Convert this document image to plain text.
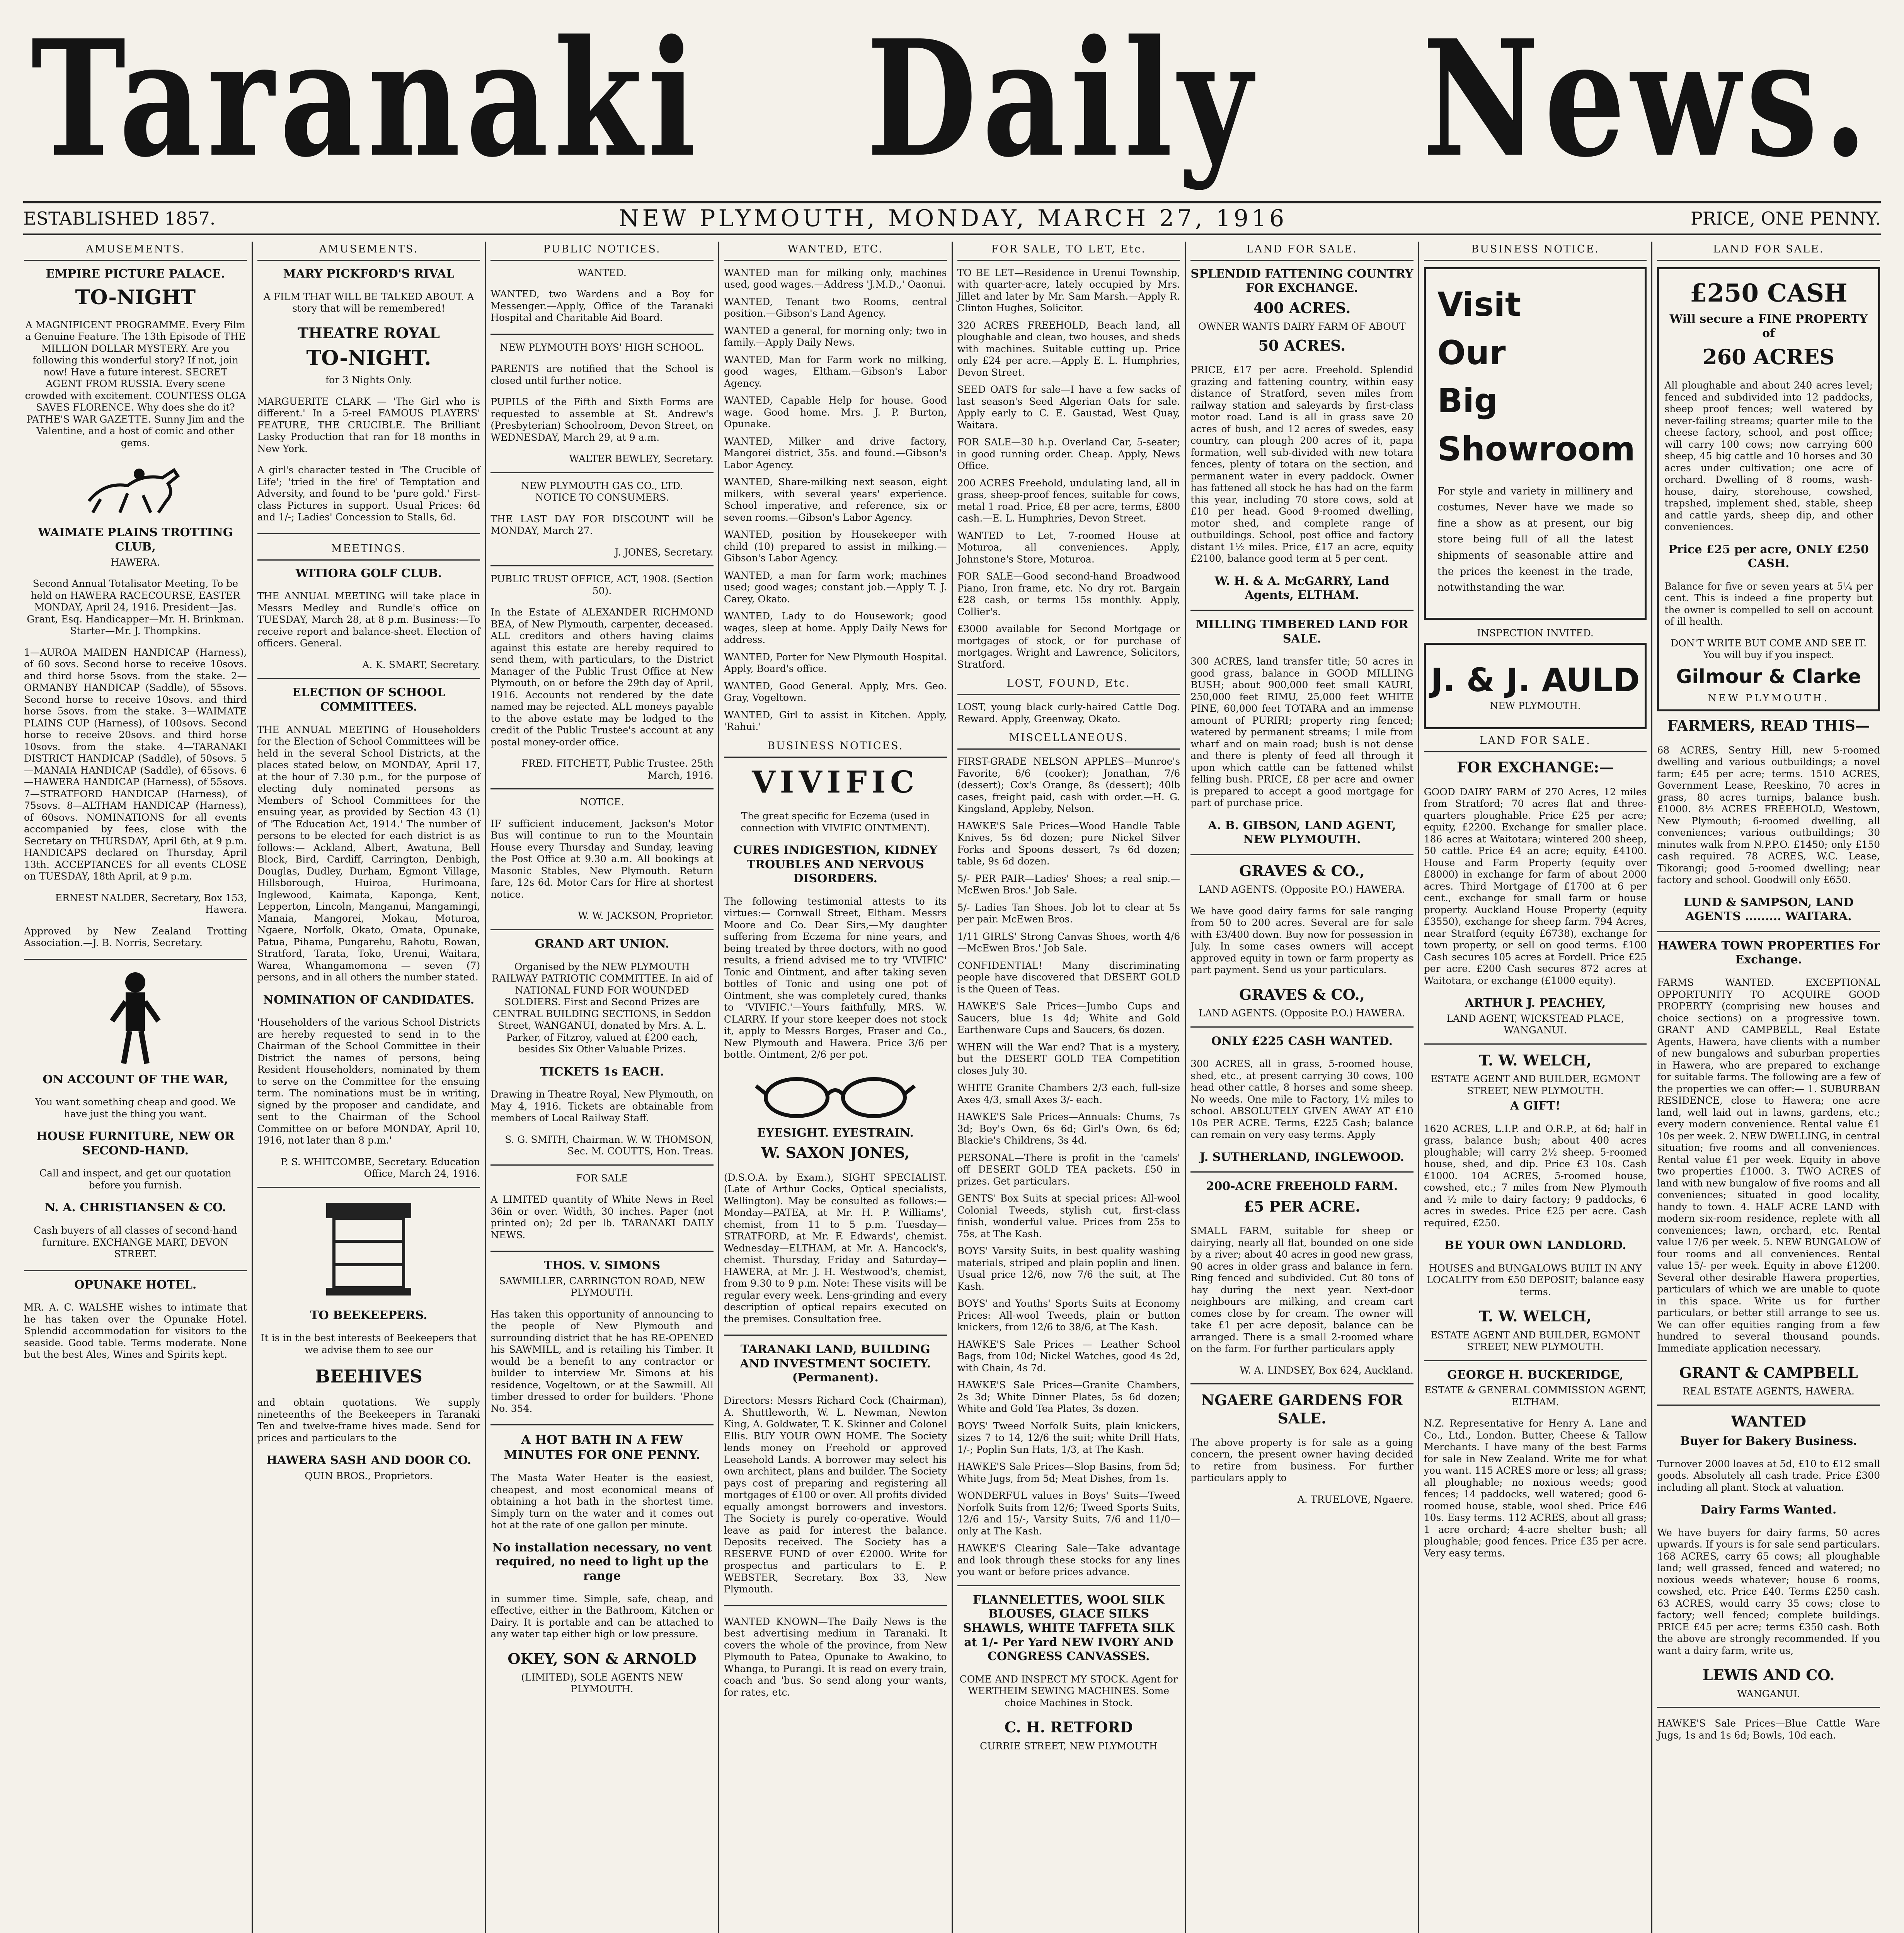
Taranaki Daily News.
ESTABLISHED 1857.	NEW PLYMOUTH, MONDAY, MARCH 27, 1916	PRICE, ONE PENNY.
AMUSEMENTS.
EMPIRE PICTURE PALACE.
TO-NIGHT

A MAGNIFICENT PROGRAMME. Every Film a Genuine Feature. The 13th Episode of THE MILLION DOLLAR MYSTERY. Are you following this wonderful story? If not, join now! Have a future interest. SECRET AGENT FROM RUSSIA. Every scene crowded with excitement. COUNTESS OLGA SAVES FLORENCE. Why does she do it? PATHE'S WAR GAZETTE. Sunny Jim and the Valentine, and a host of comic and other gems.

WAIMATE PLAINS TROTTING CLUB,
HAWERA.

Second Annual Totalisator Meeting, To be held on HAWERA RACECOURSE, EASTER MONDAY, April 24, 1916. President—Jas. Grant, Esq. Handicapper—Mr. H. Brinkman. Starter—Mr. J. Thompkins.

1—AUROA MAIDEN HANDICAP (Harness), of 60 sovs. Second horse to receive 10sovs. and third horse 5sovs. from the stake. 2—ORMANBY HANDICAP (Saddle), of 55sovs. Second horse to receive 10sovs. and third horse 5sovs. from the stake. 3—WAIMATE PLAINS CUP (Harness), of 100sovs. Second horse to receive 20sovs. and third horse 10sovs. from the stake. 4—TARANAKI DISTRICT HANDICAP (Saddle), of 50sovs. 5—MANAIA HANDICAP (Saddle), of 65sovs. 6—HAWERA HANDICAP (Harness), of 55sovs. 7—STRATFORD HANDICAP (Harness), of 75sovs. 8—ALTHAM HANDICAP (Harness), of 60sovs. NOMINATIONS for all events accompanied by fees, close with the Secretary on THURSDAY, April 6th, at 9 p.m. HANDICAPS declared on Thursday, April 13th. ACCEPTANCES for all events CLOSE on TUESDAY, 18th April, at 9 p.m.

ERNEST NALDER, Secretary, Box 153, Hawera.

Approved by New Zealand Trotting Association.—J. B. Norris, Secretary.

ON ACCOUNT OF THE WAR,

You want something cheap and good. We have just the thing you want.

HOUSE FURNITURE, NEW OR SECOND-HAND.

Call and inspect, and get our quotation before you furnish.

N. A. CHRISTIANSEN & CO.

Cash buyers of all classes of second-hand furniture. EXCHANGE MART, DEVON STREET.

OPUNAKE HOTEL.

MR. A. C. WALSHE wishes to intimate that he has taken over the Opunake Hotel. Splendid accommodation for visitors to the seaside. Good table. Terms moderate. None but the best Ales, Wines and Spirits kept.

AMUSEMENTS.
MARY PICKFORD'S RIVAL

A FILM THAT WILL BE TALKED ABOUT. A story that will be remembered!

THEATRE ROYAL
TO-NIGHT.
for 3 Nights Only.

MARGUERITE CLARK — 'The Girl who is different.' In a 5-reel FAMOUS PLAYERS' FEATURE, THE CRUCIBLE. The Brilliant Lasky Production that ran for 18 months in New York.

A girl's character tested in 'The Crucible of Life'; 'tried in the fire' of Temptation and Adversity, and found to be 'pure gold.' First-class Pictures in support. Usual Prices: 6d and 1/-; Ladies' Concession to Stalls, 6d.

MEETINGS.
WITIORA GOLF CLUB.

THE ANNUAL MEETING will take place in Messrs Medley and Rundle's office on TUESDAY, March 28, at 8 p.m. Business:—To receive report and balance-sheet. Election of officers. General.

A. K. SMART, Secretary.
ELECTION OF SCHOOL COMMITTEES.

THE ANNUAL MEETING of Householders for the Election of School Committees will be held in the several School Districts, at the places stated below, on MONDAY, April 17, at the hour of 7.30 p.m., for the purpose of electing duly nominated persons as Members of School Committees for the ensuing year, as provided by Section 43 (1) of 'The Education Act, 1914.' The number of persons to be elected for each district is as follows:— Ackland, Albert, Awatuna, Bell Block, Bird, Cardiff, Carrington, Denbigh, Douglas, Dudley, Durham, Egmont Village, Hillsborough, Huiroa, Hurimoana, Inglewood, Kaimata, Kaponga, Kent, Lepperton, Lincoln, Manganui, Mangamingi, Manaia, Mangorei, Mokau, Moturoa, Ngaere, Norfolk, Okato, Omata, Opunake, Patua, Pihama, Pungarehu, Rahotu, Rowan, Stratford, Tarata, Toko, Urenui, Waitara, Warea, Whangamomona — seven (7) persons, and in all others the number stated.

NOMINATION OF CANDIDATES.

'Householders of the various School Districts are hereby requested to send in to the Chairman of the School Committee in their District the names of persons, being Resident Householders, nominated by them to serve on the Committee for the ensuing term. The nominations must be in writing, signed by the proposer and candidate, and sent to the Chairman of the School Committee on or before MONDAY, April 10, 1916, not later than 8 p.m.'

P. S. WHITCOMBE, Secretary. Education Office, March 24, 1916.
TO BEEKEEPERS.

It is in the best interests of Beekeepers that we advise them to see our

BEEHIVES

and obtain quotations. We supply nineteenths of the Beekeepers in Taranaki Ten and twelve-frame hives made. Send for prices and particulars to the

HAWERA SASH AND DOOR CO.
QUIN BROS., Proprietors.
PUBLIC NOTICES.
WANTED.

WANTED, two Wardens and a Boy for Messenger.—Apply, Office of the Taranaki Hospital and Charitable Aid Board.

NEW PLYMOUTH BOYS' HIGH SCHOOL.

PARENTS are notified that the School is closed until further notice.

PUPILS of the Fifth and Sixth Forms are requested to assemble at St. Andrew's (Presbyterian) Schoolroom, Devon Street, on WEDNESDAY, March 29, at 9 a.m.

WALTER BEWLEY, Secretary.
NEW PLYMOUTH GAS CO., LTD.
NOTICE TO CONSUMERS.

THE LAST DAY FOR DISCOUNT will be MONDAY, March 27.

J. JONES, Secretary.
PUBLIC TRUST OFFICE, ACT, 1908. (Section 50).

In the Estate of ALEXANDER RICHMOND BEA, of New Plymouth, carpenter, deceased. ALL creditors and others having claims against this estate are hereby required to send them, with particulars, to the District Manager of the Public Trust Office at New Plymouth, on or before the 29th day of April, 1916. Accounts not rendered by the date named may be rejected. ALL moneys payable to the above estate may be lodged to the credit of the Public Trustee's account at any postal money-order office.

FRED. FITCHETT, Public Trustee. 25th March, 1916.
NOTICE.

IF sufficient inducement, Jackson's Motor Bus will continue to run to the Mountain House every Thursday and Sunday, leaving the Post Office at 9.30 a.m. All bookings at Masonic Stables, New Plymouth. Return fare, 12s 6d. Motor Cars for Hire at shortest notice.

W. W. JACKSON, Proprietor.
GRAND ART UNION.

Organised by the NEW PLYMOUTH RAILWAY PATRIOTIC COMMITTEE. In aid of NATIONAL FUND FOR WOUNDED SOLDIERS. First and Second Prizes are CENTRAL BUILDING SECTIONS, in Seddon Street, WANGANUI, donated by Mrs. A. L. Parker, of Fitzroy, valued at £200 each, besides Six Other Valuable Prizes.

TICKETS 1s EACH.

Drawing in Theatre Royal, New Plymouth, on May 4, 1916. Tickets are obtainable from members of Local Railway Staff.

S. G. SMITH, Chairman. W. W. THOMSON, Sec. M. COUTTS, Hon. Treas.
FOR SALE

A LIMITED quantity of White News in Reel 36in or over. Width, 30 inches. Paper (not printed on); 2d per lb. TARANAKI DAILY NEWS.

THOS. V. SIMONS
SAWMILLER, CARRINGTON ROAD, NEW PLYMOUTH.

Has taken this opportunity of announcing to the people of New Plymouth and surrounding district that he has RE-OPENED his SAWMILL, and is retailing his Timber. It would be a benefit to any contractor or builder to interview Mr. Simons at his residence, Vogeltown, or at the Sawmill. All timber dressed to order for builders. 'Phone No. 354.

A HOT BATH IN A FEW MINUTES FOR ONE PENNY.

The Masta Water Heater is the easiest, cheapest, and most economical means of obtaining a hot bath in the shortest time. Simply turn on the water and it comes out hot at the rate of one gallon per minute.

No installation necessary, no vent required, no need to light up the range

in summer time. Simple, safe, cheap, and effective, either in the Bathroom, Kitchen or Dairy. It is portable and can be attached to any water tap either high or low pressure.

OKEY, SON & ARNOLD
(LIMITED), SOLE AGENTS NEW PLYMOUTH.
WANTED, ETC.
WANTED man for milking only, machines used, good wages.—Address 'J.M.D.,' Oaonui.
WANTED, Tenant two Rooms, central position.—Gibson's Land Agency.
WANTED a general, for morning only; two in family.—Apply Daily News.
WANTED, Man for Farm work no milking, good wages, Eltham.—Gibson's Labor Agency.
WANTED, Capable Help for house. Good wage. Good home. Mrs. J. P. Burton, Opunake.
WANTED, Milker and drive factory, Mangorei district, 35s. and found.—Gibson's Labor Agency.
WANTED, Share-milking next season, eight milkers, with several years' experience. School imperative, and reference, six or seven rooms.—Gibson's Labor Agency.
WANTED, position by Housekeeper with child (10) prepared to assist in milking.—Gibson's Labor Agency.
WANTED, a man for farm work; machines used; good wages; constant job.—Apply T. J. Carey, Okato.
WANTED, Lady to do Housework; good wages, sleep at home. Apply Daily News for address.
WANTED, Porter for New Plymouth Hospital. Apply, Board's office.
WANTED, Good General. Apply, Mrs. Geo. Gray, Vogeltown.
WANTED, Girl to assist in Kitchen. Apply, 'Rahui.'
BUSINESS NOTICES.
VIVIFIC

The great specific for Eczema (used in connection with VIVIFIC OINTMENT).

CURES INDIGESTION, KIDNEY TROUBLES AND NERVOUS DISORDERS.

The following testimonial attests to its virtues:— Cornwall Street, Eltham. Messrs Moore and Co. Dear Sirs,—My daughter suffering from Eczema for nine years, and being treated by three doctors, with no good results, a friend advised me to try 'VIVIFIC' Tonic and Ointment, and after taking seven bottles of Tonic and using one pot of Ointment, she was completely cured, thanks to 'VIVIFIC.'—Yours faithfully, MRS. W. CLARRY. If your store keeper does not stock it, apply to Messrs Borges, Fraser and Co., New Plymouth and Hawera. Price 3/6 per bottle. Ointment, 2/6 per pot.

EYESIGHT. EYESTRAIN.
W. SAXON JONES,

(D.S.O.A. by Exam.), SIGHT SPECIALIST. (Late of Arthur Cocks, Optical specialists, Wellington). May be consulted as follows:— Monday—PATEA, at Mr. H. P. Williams', chemist, from 11 to 5 p.m. Tuesday—STRATFORD, at Mr. F. Edwards', chemist. Wednesday—ELTHAM, at Mr. A. Hancock's, chemist. Thursday, Friday and Saturday—HAWERA, at Mr. J. H. Westwood's, chemist, from 9.30 to 9 p.m. Note: These visits will be regular every week. Lens-grinding and every description of optical repairs executed on the premises. Consultation free.

TARANAKI LAND, BUILDING AND INVESTMENT SOCIETY. (Permanent).

Directors: Messrs Richard Cock (Chairman), A. Shuttleworth, W. L. Newman, Newton King, A. Goldwater, T. K. Skinner and Colonel Ellis. BUY YOUR OWN HOME. The Society lends money on Freehold or approved Leasehold Lands. A borrower may select his own architect, plans and builder. The Society pays cost of preparing and registering all mortgages of £100 or over. All profits divided equally amongst borrowers and investors. The Society is purely co-operative. Would leave as paid for interest the balance. Deposits received. The Society has a RESERVE FUND of over £2000. Write for prospectus and particulars to E. P. WEBSTER, Secretary. Box 33, New Plymouth.

WANTED KNOWN—The Daily News is the best advertising medium in Taranaki. It covers the whole of the province, from New Plymouth to Patea, Opunake to Awakino, to Whanga, to Purangi. It is read on every train, coach and 'bus. So send along your wants, for rates, etc.

FOR SALE, TO LET, Etc.
TO BE LET—Residence in Urenui Township, with quarter-acre, lately occupied by Mrs. Jillet and later by Mr. Sam Marsh.—Apply R. Clinton Hughes, Solicitor.
320 ACRES FREEHOLD, Beach land, all ploughable and clean, two houses, and sheds with machines. Suitable cutting up. Price only £24 per acre.—Apply E. L. Humphries, Devon Street.
SEED OATS for sale—I have a few sacks of last season's Seed Algerian Oats for sale. Apply early to C. E. Gaustad, West Quay, Waitara.
FOR SALE—30 h.p. Overland Car, 5-seater; in good running order. Cheap. Apply, News Office.
200 ACRES Freehold, undulating land, all in grass, sheep-proof fences, suitable for cows, metal 1 road. Price, £8 per acre, terms, £800 cash.—E. L. Humphries, Devon Street.
WANTED to Let, 7-roomed House at Moturoa, all conveniences. Apply, Johnstone's Store, Moturoa.
FOR SALE—Good second-hand Broadwood Piano, Iron frame, etc. No dry rot. Bargain £28 cash, or terms 15s monthly. Apply, Collier's.
£3000 available for Second Mortgage or mortgages of stock, or for purchase of mortgages. Wright and Lawrence, Solicitors, Stratford.
LOST, FOUND, Etc.
LOST, young black curly-haired Cattle Dog. Reward. Apply, Greenway, Okato.
MISCELLANEOUS.
FIRST-GRADE NELSON APPLES—Munroe's Favorite, 6/6 (cooker); Jonathan, 7/6 (dessert); Cox's Orange, 8s (dessert); 40lb cases, freight paid, cash with order.—H. G. Kingsland, Appleby, Nelson.
HAWKE'S Sale Prices—Wood Handle Table Knives, 5s 6d dozen; pure Nickel Silver Forks and Spoons dessert, 7s 6d dozen; table, 9s 6d dozen.
5/- PER PAIR—Ladies' Shoes; a real snip.—McEwen Bros.' Job Sale.
5/- Ladies Tan Shoes. Job lot to clear at 5s per pair. McEwen Bros.
1/11 GIRLS' Strong Canvas Shoes, worth 4/6—McEwen Bros.' Job Sale.
CONFIDENTIAL! Many discriminating people have discovered that DESERT GOLD is the Queen of Teas.
HAWKE'S Sale Prices—Jumbo Cups and Saucers, blue 1s 4d; White and Gold Earthenware Cups and Saucers, 6s dozen.
WHEN will the War end? That is a mystery, but the DESERT GOLD TEA Competition closes July 30.
WHITE Granite Chambers 2/3 each, full-size Axes 4/3, small Axes 3/- each.
HAWKE'S Sale Prices—Annuals: Chums, 7s 3d; Boy's Own, 6s 6d; Girl's Own, 6s 6d; Blackie's Childrens, 3s 4d.
PERSONAL—There is profit in the 'camels' off DESERT GOLD TEA packets. £50 in prizes. Get particulars.
GENTS' Box Suits at special prices: All-wool Colonial Tweeds, stylish cut, first-class finish, wonderful value. Prices from 25s to 75s, at The Kash.
BOYS' Varsity Suits, in best quality washing materials, striped and plain poplin and linen. Usual price 12/6, now 7/6 the suit, at The Kash.
BOYS' and Youths' Sports Suits at Economy Prices: All-wool Tweeds, plain or button knickers, from 12/6 to 38/6, at The Kash.
HAWKE'S Sale Prices — Leather School Bags, from 10d; Nickel Watches, good 4s 2d, with Chain, 4s 7d.
HAWKE'S Sale Prices—Granite Chambers, 2s 3d; White Dinner Plates, 5s 6d dozen; White and Gold Tea Plates, 3s dozen.
BOYS' Tweed Norfolk Suits, plain knickers, sizes 7 to 14, 12/6 the suit; white Drill Hats, 1/-; Poplin Sun Hats, 1/3, at The Kash.
HAWKE'S Sale Prices—Slop Basins, from 5d; White Jugs, from 5d; Meat Dishes, from 1s.
WONDERFUL values in Boys' Suits—Tweed Norfolk Suits from 12/6; Tweed Sports Suits, 12/6 and 15/-, Varsity Suits, 7/6 and 11/0—only at The Kash.
HAWKE'S Clearing Sale—Take advantage and look through these stocks for any lines you want or before prices advance.
FLANNELETTES, WOOL SILK BLOUSES, GLACE SILKS SHAWLS, WHITE TAFFETA SILK at 1/- Per Yard NEW IVORY AND CONGRESS CANVASSES.

COME AND INSPECT MY STOCK. Agent for WERTHEIM SEWING MACHINES. Some choice Machines in Stock.

C. H. RETFORD
CURRIE STREET, NEW PLYMOUTH
LAND FOR SALE.
SPLENDID FATTENING COUNTRY FOR EXCHANGE.
400 ACRES.
OWNER WANTS DAIRY FARM OF ABOUT
50 ACRES.

PRICE, £17 per acre. Freehold. Splendid grazing and fattening country, within easy distance of Stratford, seven miles from railway station and saleyards by first-class motor road. Land is all in grass save 20 acres of bush, and 12 acres of swedes, easy country, can plough 200 acres of it, papa formation, well sub-divided with new totara fences, plenty of totara on the section, and permanent water in every paddock. Owner has fattened all stock he has had on the farm this year, including 70 store cows, sold at £10 per head. Good 9-roomed dwelling, motor shed, and complete range of outbuildings. School, post office and factory distant 1½ miles. Price, £17 an acre, equity £2100, balance good term at 5 per cent.

W. H. & A. McGARRY, Land Agents, ELTHAM.
MILLING TIMBERED LAND FOR SALE.

300 ACRES, land transfer title; 50 acres in good grass, balance in GOOD MILLING BUSH; about 900,000 feet small KAURI, 250,000 feet RIMU, 25,000 feet WHITE PINE, 60,000 feet TOTARA and an immense amount of PURIRI; property ring fenced; watered by permanent streams; 1 mile from wharf and on main road; bush is not dense and there is plenty of feed all through it upon which cattle can be fattened whilst felling bush. PRICE, £8 per acre and owner is prepared to accept a good mortgage for part of purchase price.

A. B. GIBSON, LAND AGENT, NEW PLYMOUTH.
GRAVES & CO.,
LAND AGENTS. (Opposite P.O.) HAWERA.

We have good dairy farms for sale ranging from 50 to 200 acres. Several are for sale with £3/400 down. Buy now for possession in July. In some cases owners will accept approved equity in town or farm property as part payment. Send us your particulars.

GRAVES & CO.,
LAND AGENTS. (Opposite P.O.) HAWERA.
ONLY £225 CASH WANTED.

300 ACRES, all in grass, 5-roomed house, shed, etc., at present carrying 30 cows, 100 head other cattle, 8 horses and some sheep. No weeds. One mile to Factory, 1½ miles to school. ABSOLUTELY GIVEN AWAY AT £10 10s PER ACRE. Terms, £225 Cash; balance can remain on very easy terms. Apply

J. SUTHERLAND, INGLEWOOD.
200-ACRE FREEHOLD FARM.
£5 PER ACRE.

SMALL FARM, suitable for sheep or dairying, nearly all flat, bounded on one side by a river; about 40 acres in good new grass, 90 acres in older grass and balance in fern. Ring fenced and subdivided. Cut 80 tons of hay during the next year. Next-door neighbours are milking, and cream cart comes close by for cream. The owner will take £1 per acre deposit, balance can be arranged. There is a small 2-roomed whare on the farm. For further particulars apply

W. A. LINDSEY, Box 624, Auckland.
NGAERE GARDENS FOR SALE.

The above property is for sale as a going concern, the present owner having decided to retire from business. For further particulars apply to

A. TRUELOVE, Ngaere.
BUSINESS NOTICE.
Visit
Our
Big
Showroom

For style and variety in millinery and costumes, Never have we made so fine a show as at present, our big store being full of all the latest shipments of seasonable attire and the prices the keenest in the trade, notwithstanding the war.

INSPECTION INVITED.
J. & J. AULD
NEW PLYMOUTH.
LAND FOR SALE.
FOR EXCHANGE:—

GOOD DAIRY FARM of 270 Acres, 12 miles from Stratford; 70 acres flat and three-quarters ploughable. Price £25 per acre; equity, £2200. Exchange for smaller place. 186 acres at Waitotara; wintered 200 sheep, 50 cattle. Price £4 an acre; equity, £4100. House and Farm Property (equity over £8000) in exchange for farm of about 2000 acres. Third Mortgage of £1700 at 6 per cent., exchange for small farm or house property. Auckland House Property (equity £3550), exchange for sheep farm. 794 Acres, near Stratford (equity £6738), exchange for town property, or sell on good terms. £100 Cash secures 105 acres at Fordell. Price £25 per acre. £200 Cash secures 872 acres at Waitotara, or exchange (£1000 equity).

ARTHUR J. PEACHEY,
LAND AGENT, WICKSTEAD PLACE, WANGANUI.
T. W. WELCH,
ESTATE AGENT AND BUILDER, EGMONT STREET, NEW PLYMOUTH.
A GIFT!

1620 ACRES, L.I.P. and O.R.P., at 6d; half in grass, balance bush; about 400 acres ploughable; will carry 2½ sheep. 5-roomed house, shed, and dip. Price £3 10s. Cash £1000. 104 ACRES, 5-roomed house, cowshed, etc.; 7 miles from New Plymouth and ½ mile to dairy factory; 9 paddocks, 6 acres in swedes. Price £25 per acre. Cash required, £250.

BE YOUR OWN LANDLORD.

HOUSES and BUNGALOWS BUILT IN ANY LOCALITY from £50 DEPOSIT; balance easy terms.

T. W. WELCH,
ESTATE AGENT AND BUILDER, EGMONT STREET, NEW PLYMOUTH.
GEORGE H. BUCKERIDGE,
ESTATE & GENERAL COMMISSION AGENT, ELTHAM.

N.Z. Representative for Henry A. Lane and Co., Ltd., London. Butter, Cheese & Tallow Merchants. I have many of the best Farms for sale in New Zealand. Write me for what you want. 115 ACRES more or less; all grass; all ploughable; no noxious weeds; good fences; 14 paddocks, well watered; good 6-roomed house, stable, wool shed. Price £46 10s. Easy terms. 112 ACRES, about all grass; 1 acre orchard; 4-acre shelter bush; all ploughable; good fences. Price £35 per acre. Very easy terms.

LAND FOR SALE.
£250 CASH
Will secure a FINE PROPERTY of
260 ACRES

All ploughable and about 240 acres level; fenced and subdivided into 12 paddocks, sheep proof fences; well watered by never-failing streams; quarter mile to the cheese factory, school, and post office; will carry 100 cows; now carrying 600 sheep, 45 big cattle and 10 horses and 30 acres under cultivation; one acre of orchard. Dwelling of 8 rooms, wash-house, dairy, storehouse, cowshed, trapshed, implement shed, stable, sheep and cattle yards, sheep dip, and other conveniences.

Price £25 per acre, ONLY £250 CASH.

Balance for five or seven years at 5¼ per cent. This is indeed a fine property but the owner is compelled to sell on account of ill health.

DON'T WRITE BUT COME AND SEE IT. You will buy if you inspect.
Gilmour & Clarke
NEW PLYMOUTH.
FARMERS, READ THIS—

68 ACRES, Sentry Hill, new 5-roomed dwelling and various outbuildings; a novel farm; £45 per acre; terms. 1510 ACRES, Government Lease, Reeskino, 70 acres in grass, 80 acres turnips, balance bush. £1000. 8½ ACRES FREEHOLD, Westown, New Plymouth; 6-roomed dwelling, all conveniences; various outbuildings; 30 minutes walk from N.P.P.O. £1450; only £150 cash required. 78 ACRES, W.C. Lease, Tikorangi; good 5-roomed dwelling; near factory and school. Goodwill only £650.

LUND & SAMPSON, LAND AGENTS ......... WAITARA.
HAWERA TOWN PROPERTIES For Exchange.

FARMS WANTED. EXCEPTIONAL OPPORTUNITY TO ACQUIRE GOOD PROPERTY (comprising new houses and choice sections) on a progressive town. GRANT AND CAMPBELL, Real Estate Agents, Hawera, have clients with a number of new bungalows and suburban properties in Hawera, who are prepared to exchange for suitable farms. The following are a few of the properties we can offer:— 1. SUBURBAN RESIDENCE, close to Hawera; one acre land, well laid out in lawns, gardens, etc.; every modern convenience. Rental value £1 10s per week. 2. NEW DWELLING, in central situation; five rooms and all conveniences. Rental value £1 per week. Equity in above two properties £1000. 3. TWO ACRES of land with new bungalow of five rooms and all conveniences; situated in good locality, handy to town. 4. HALF ACRE LAND with modern six-room residence, replete with all conveniences; lawn, orchard, etc. Rental value 17/6 per week. 5. NEW BUNGALOW of four rooms and all conveniences. Rental value 15/- per week. Equity in above £1200. Several other desirable Hawera properties, particulars of which we are unable to quote in this space. Write us for further particulars, or better still arrange to see us. We can offer equities ranging from a few hundred to several thousand pounds. Immediate application necessary.

GRANT & CAMPBELL
REAL ESTATE AGENTS, HAWERA.
WANTED
Buyer for Bakery Business.

Turnover 2000 loaves at 5d, £10 to £12 small goods. Absolutely all cash trade. Price £300 including all plant. Stock at valuation.

Dairy Farms Wanted.

We have buyers for dairy farms, 50 acres upwards. If yours is for sale send particulars. 168 ACRES, carry 65 cows; all ploughable land; well grassed, fenced and watered; no noxious weeds whatever; house 6 rooms, cowshed, etc. Price £40. Terms £250 cash. 63 ACRES, would carry 35 cows; close to factory; well fenced; complete buildings. PRICE £45 per acre; terms £350 cash. Both the above are strongly recommended. If you want a dairy farm, write us,

LEWIS AND CO.
WANGANUI.

HAWKE'S Sale Prices—Blue Cattle Ware Jugs, 1s and 1s 6d; Bowls, 10d each.
